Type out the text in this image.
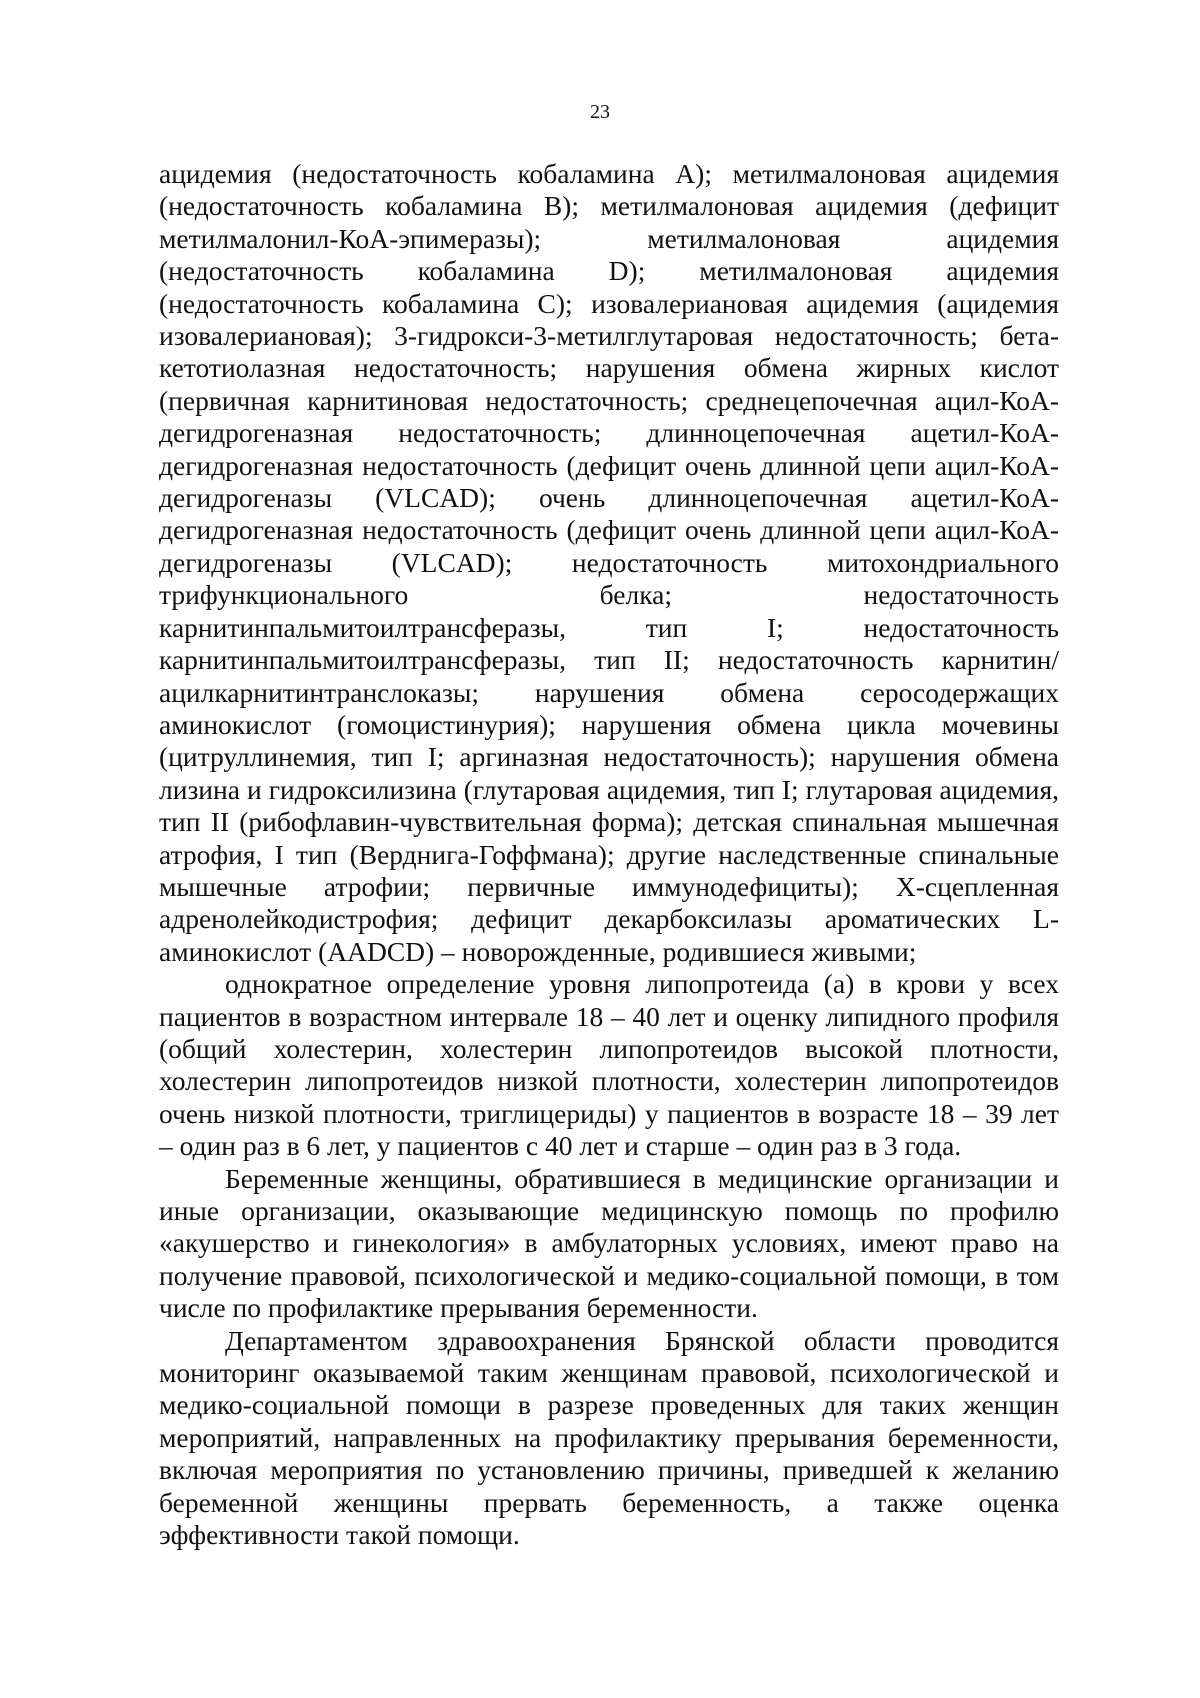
23

ацидемия (недостаточность кобаламина А); метилмалоновая ацидемия (недостаточность кобаламина В); метилмалоновая ацидемия (дефицит метилмалонил-КоА-эпимеразы); метилмалоновая ацидемия (недостаточность кобаламина D); метилмалоновая ацидемия (недостаточность кобаламина С); изовалериановая ацидемия (ацидемия изовалериановая); 3-гидрокси-3-метилглутаровая недостаточность; бета-кетотиолазная недостаточность; нарушения обмена жирных кислот (первичная карнитиновая недостаточность; среднецепочечная ацил-КоА-дегидрогеназная недостаточность; длинноцепочечная ацетил-КоА-дегидрогеназная недостаточность (дефицит очень длинной цепи ацил-КоА-дегидрогеназы (VLCAD); очень длинноцепочечная ацетил-КоА-дегидрогеназная недостаточность (дефицит очень длинной цепи ацил-КоА-дегидрогеназы (VLCAD); недостаточность митохондриального трифункционального белка; недостаточность карнитинпальмитоилтрансферазы, тип I; недостаточность карнитинпальмитоилтрансферазы, тип II; недостаточность карнитин/ацилкарнитинтранслоказы; нарушения обмена серосодержащих аминокислот (гомоцистинурия); нарушения обмена цикла мочевины (цитруллинемия, тип I; аргиназная недостаточность); нарушения обмена лизина и гидроксилизина (глутаровая ацидемия, тип I; глутаровая ацидемия, тип II (рибофлавин-чувствительная форма); детская спинальная мышечная атрофия, I тип (Верднига-Гоффмана); другие наследственные спинальные мышечные атрофии; первичные иммунодефициты); Х-сцепленная адренолейкодистрофия; дефицит декарбоксилазы ароматических L-аминокислот (AADCD) – новорожденные, родившиеся живыми;

однократное определение уровня липопротеида (а) в крови у всех пациентов в возрастном интервале 18 – 40 лет и оценку липидного профиля (общий холестерин, холестерин липопротеидов высокой плотности, холестерин липопротеидов низкой плотности, холестерин липопротеидов очень низкой плотности, триглицериды) у пациентов в возрасте 18 – 39 лет – один раз в 6 лет, у пациентов с 40 лет и старше – один раз в 3 года.

Беременные женщины, обратившиеся в медицинские организации и иные организации, оказывающие медицинскую помощь по профилю «акушерство и гинекология» в амбулаторных условиях, имеют право на получение правовой, психологической и медико-социальной помощи, в том числе по профилактике прерывания беременности.

Департаментом здравоохранения Брянской области проводится мониторинг оказываемой таким женщинам правовой, психологической и медико-социальной помощи в разрезе проведенных для таких женщин мероприятий, направленных на профилактику прерывания беременности, включая мероприятия по установлению причины, приведшей к желанию беременной женщины прервать беременность, а также оценка эффективности такой помощи.
